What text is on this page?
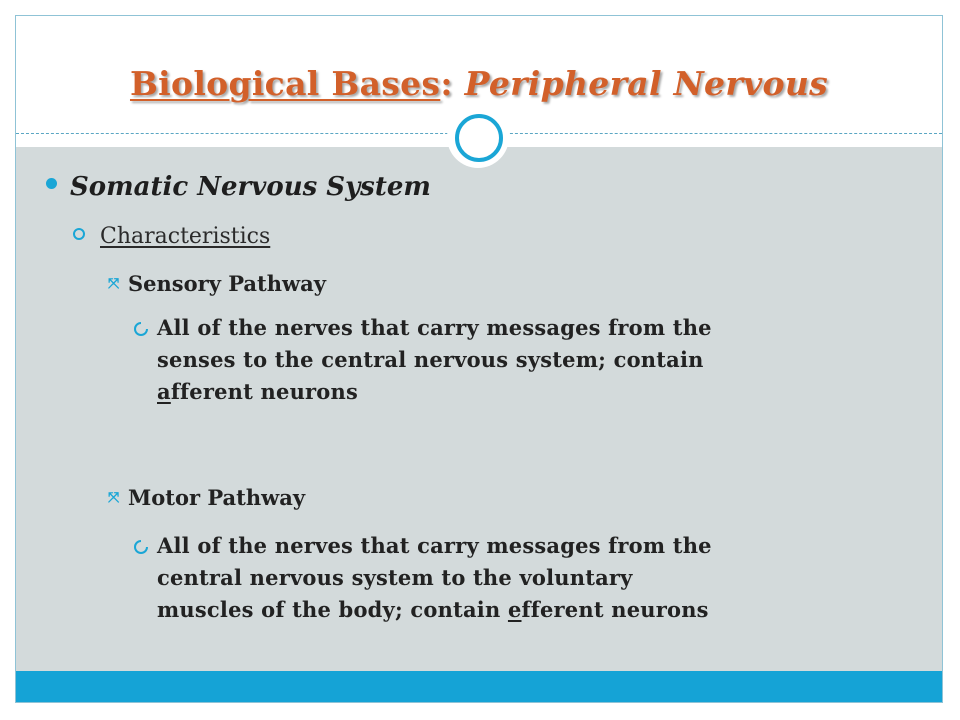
Biological Bases: Peripheral Nervous
Somatic Nervous System
Characteristics
⤧ Sensory Pathway
All of the nerves that carry messages from the
senses to the central nervous system; contain
afferent neurons
⤧ Motor Pathway
All of the nerves that carry messages from the
central nervous system to the voluntary
muscles of the body; contain efferent neurons
